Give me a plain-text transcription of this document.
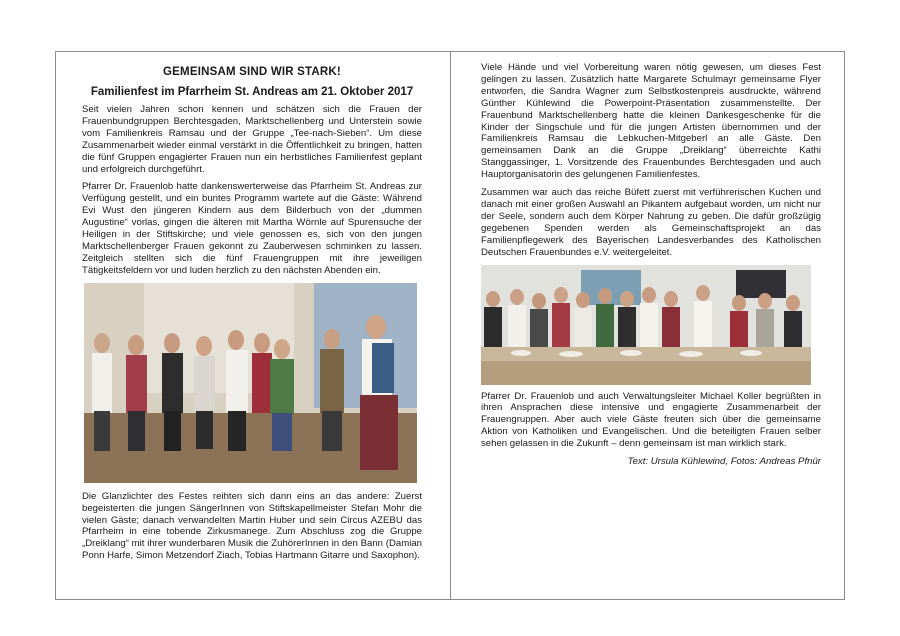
GEMEINSAM SIND WIR STARK!
Familienfest im Pfarrheim St. Andreas am 21. Oktober 2017

Seit vielen Jahren schon kennen und schätzen sich die Frauen der Frauenbundgruppen Berchtesgaden, Marktschellenberg und Unterstein sowie vom Familienkreis Ramsau und der Gruppe „Tee-nach-Sieben“. Um diese Zusammenarbeit wieder einmal verstärkt in die Öffentlichkeit zu bringen, hatten die fünf Gruppen engagierter Frauen nun ein herbstliches Familienfest geplant und erfolgreich durchgeführt.

Pfarrer Dr. Frauenlob hatte dankenswerterweise das Pfarrheim St. Andreas zur Verfügung gestellt, und ein buntes Programm wartete auf die Gäste: Während Evi Wust den jüngeren Kindern aus dem Bilderbuch von der „dummen Augustine“ vorlas, gingen die älteren mit Martha Wörnle auf Spurensuche der Heiligen in der Stiftskirche; und viele genossen es, sich von den jungen Marktschellenberger Frauen gekonnt zu Zauberwesen schminken zu lassen. Zeitgleich stellten sich die fünf Frauengruppen mit ihre jeweiligen Tätigkeitsfeldern vor und luden herzlich zu den nächsten Abenden ein.

Die Glanzlichter des Festes reihten sich dann eins an das andere: Zuerst begeisterten die jungen SängerInnen von Stiftskapellmeister Stefan Mohr die vielen Gäste; danach verwandelten Martin Huber und sein Circus AZEBU das Pfarrheim in eine tobende Zirkusmanege. Zum Abschluss zog die Gruppe „Dreiklang“ mit ihrer wunderbaren Musik die ZuhörerInnen in den Bann (Damian Ponn Harfe, Simon Metzendorf Ziach, Tobias Hartmann Gitarre und Saxophon).

Viele Hände und viel Vorbereitung waren nötig gewesen, um dieses Fest gelingen zu lassen. Zusätzlich hatte Margarete Schulmayr gemeinsame Flyer entworfen, die Sandra Wagner zum Selbstkostenpreis ausdruckte, während Günther Kühlewind die Powerpoint-Präsentation zusammenstellte. Der Frauenbund Marktschellenberg hatte die kleinen Dankesgeschenke für die Kinder der Singschule und für die jungen Artisten übernommen und der Familienkreis Ramsau die Lebkuchen-Mitgeberl an alle Gäste. Den gemeinsamen Dank an die Gruppe „Dreiklang“ überreichte Kathi Stanggassinger, 1. Vorsitzende des Frauenbundes Berchtesgaden und auch Hauptorganisatorin des gelungenen Familienfestes.

Zusammen war auch das reiche Büfett zuerst mit verführerischen Kuchen und danach mit einer großen Auswahl an Pikantem aufgebaut worden, um nicht nur der Seele, sondern auch dem Körper Nahrung zu geben. Die dafür großzügig gegebenen Spenden werden als Gemeinschaftsprojekt an das Familienpflegewerk des Bayerischen Landesverbandes des Katholischen Deutschen Frauenbundes e.V. weitergeleitet.

Pfarrer Dr. Frauenlob und auch Verwaltungsleiter Michael Koller begrüßten in ihren Ansprachen diese intensive und engagierte Zusammenarbeit der Frauengruppen. Aber auch viele Gäste freuten sich über die gemeinsame Aktion von Katholiken und Evangelischen. Und die beteiligten Frauen selber sehen gelassen in die Zukunft – denn gemeinsam ist man wirklich stark.

Text: Ursula Kühlewind, Fotos: Andreas Pfnür
